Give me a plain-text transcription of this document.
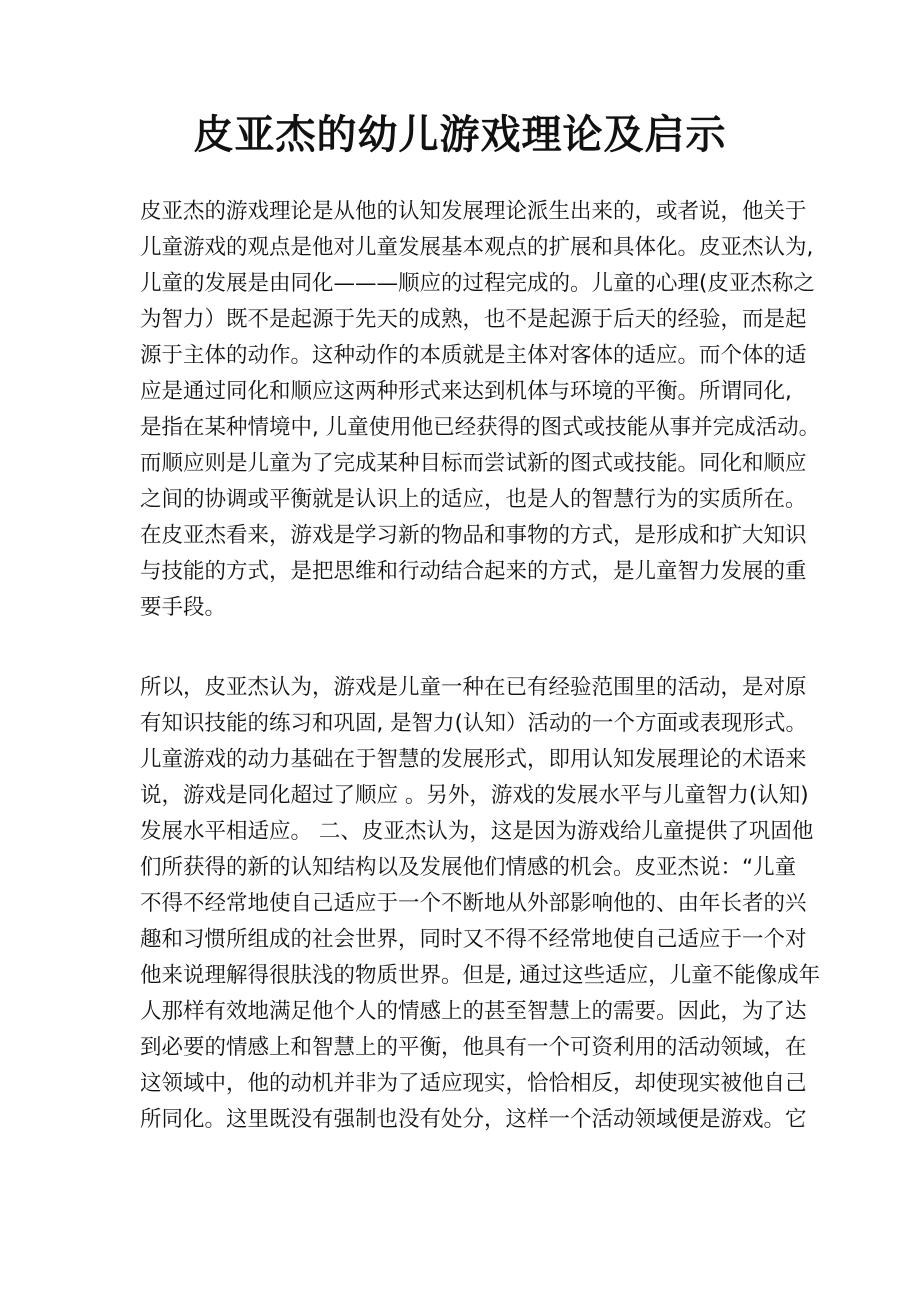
皮亚杰的幼儿游戏理论及启示
皮亚杰的游戏理论是从他的认知发展理论派生出来的，或者说，他关于
儿童游戏的观点是他对儿童发展基本观点的扩展和具体化。皮亚杰认为,
儿童的发展是由同化———顺应的过程完成的。儿童的心理(皮亚杰称之
为智力）既不是起源于先天的成熟，也不是起源于后天的经验，而是起
源于主体的动作。这种动作的本质就是主体对客体的适应。而个体的适
应是通过同化和顺应这两种形式来达到机体与环境的平衡。所谓同化,
是指在某种情境中, 儿童使用他已经获得的图式或技能从事并完成活动。
而顺应则是儿童为了完成某种目标而尝试新的图式或技能。同化和顺应
之间的协调或平衡就是认识上的适应，也是人的智慧行为的实质所在。
在皮亚杰看来，游戏是学习新的物品和事物的方式，是形成和扩大知识
与技能的方式，是把思维和行动结合起来的方式，是儿童智力发展的重
要手段。
所以，皮亚杰认为，游戏是儿童一种在已有经验范围里的活动，是对原
有知识技能的练习和巩固, 是智力(认知）活动的一个方面或表现形式。
儿童游戏的动力基础在于智慧的发展形式，即用认知发展理论的术语来
说，游戏是同化超过了顺应 。另外，游戏的发展水平与儿童智力(认知)
发展水平相适应。 二、皮亚杰认为，这是因为游戏给儿童提供了巩固他
们所获得的新的认知结构以及发展他们情感的机会。皮亚杰说：“儿童
不得不经常地使自己适应于一个不断地从外部影响他的、由年长者的兴
趣和习惯所组成的社会世界，同时又不得不经常地使自己适应于一个对
他来说理解得很肤浅的物质世界。但是, 通过这些适应，儿童不能像成年
人那样有效地满足他个人的情感上的甚至智慧上的需要。因此，为了达
到必要的情感上和智慧上的平衡，他具有一个可资利用的活动领域，在
这领域中，他的动机并非为了适应现实，恰恰相反，却使现实被他自己
所同化。这里既没有强制也没有处分，这样一个活动领域便是游戏。它
